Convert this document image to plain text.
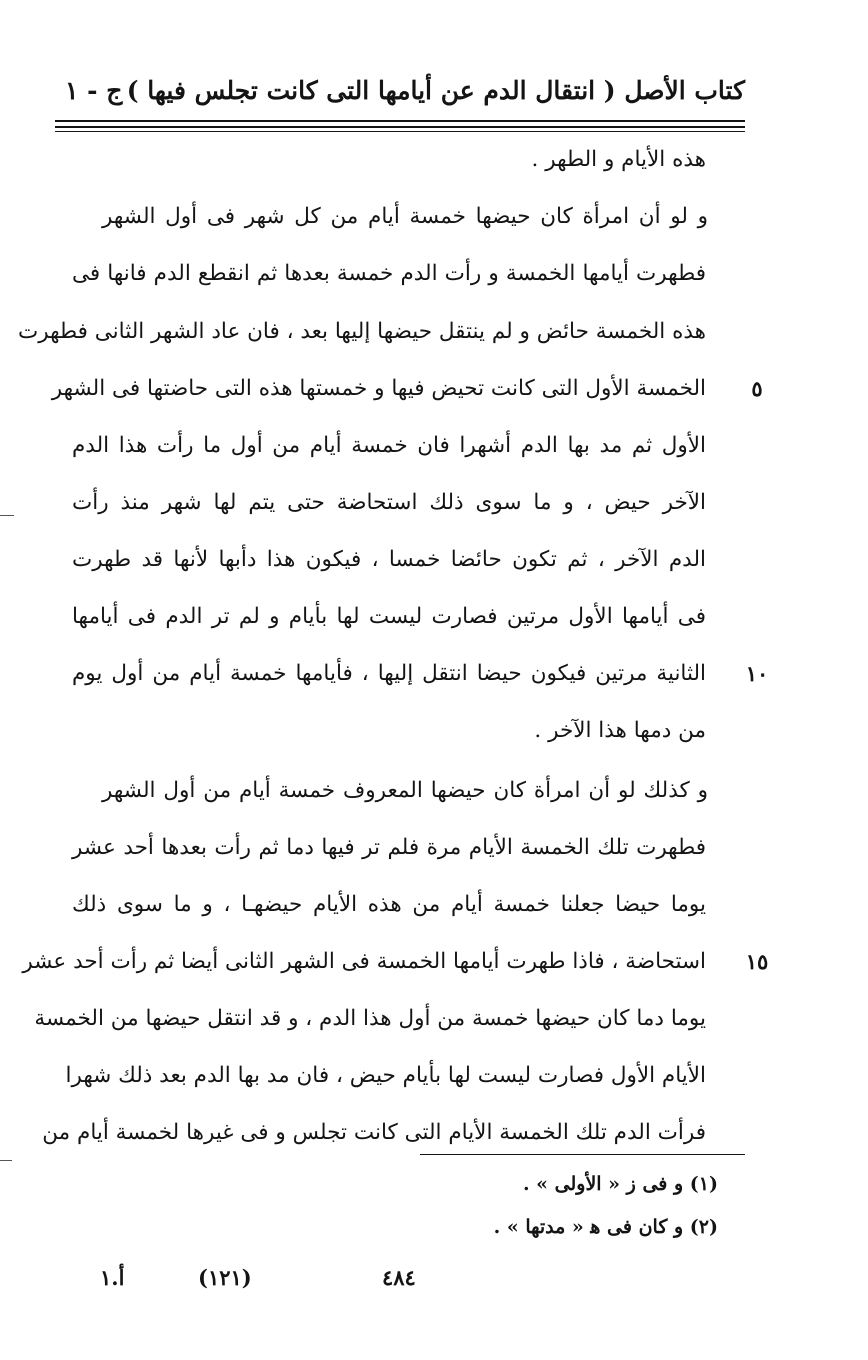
كتاب الأصل ( انتقال الدم عن أيامها التى كانت تجلس فيها )
ج - ١
هذه الأيام و الطهر .
و لو أن امرأة كان حيضها خمسة أيام من كل شهر فى أول الشهر
فطهرت أيامها الخمسة و رأت الدم خمسة بعدها ثم انقطع الدم فانها فى
هذه الخمسة حائض و لم ينتقل حيضها إليها بعد ، فان عاد الشهر الثانى فطهرت
الخمسة الأول التى كانت تحيض فيها و خمستها هذه التى حاضتها فى الشهر
الأول ثم مد بها الدم أشهرا فان خمسة أيام من أول ما رأت هذا الدم
الآخر حيض ، و ما سوى ذلك استحاضة حتى يتم لها شهر منذ رأت
الدم الآخر ، ثم تكون حائضا خمسا ، فيكون هذا دأبها لأنها قد طهرت
فى أيامها الأول مرتين فصارت ليست لها بأيام و لم تر الدم فى أيامها
الثانية مرتين فيكون حيضا انتقل إليها ، فأيامها خمسة أيام من أول يوم
من دمها هذا الآخر .
و كذلك لو أن امرأة كان حيضها المعروف خمسة أيام من أول الشهر
فطهرت تلك الخمسة الأيام مرة فلم تر فيها دما ثم رأت بعدها أحد عشر
يوما حيضا جعلنا خمسة أيام من هذه الأيام حيضهـا ، و ما سوى ذلك
استحاضة ، فاذا طهرت أيامها الخمسة فى الشهر الثانى أيضا ثم رأت أحد عشر
يوما دما كان حيضها خمسة من أول هذا الدم ، و قد انتقل حيضها من الخمسة
الأيام الأول فصارت ليست لها بأيام حيض ، فان مد بها الدم بعد ذلك شهرا
فرأت الدم تلك الخمسة الأيام التى كانت تجلس و فى غيرها لخمسة أيام من
٥
١٠
١٥
(١) و فى ز « الأولى » .
(٢) و كان فى ﻫ « مدتها » .
٤٨٤
(١٢١)
أ.١
